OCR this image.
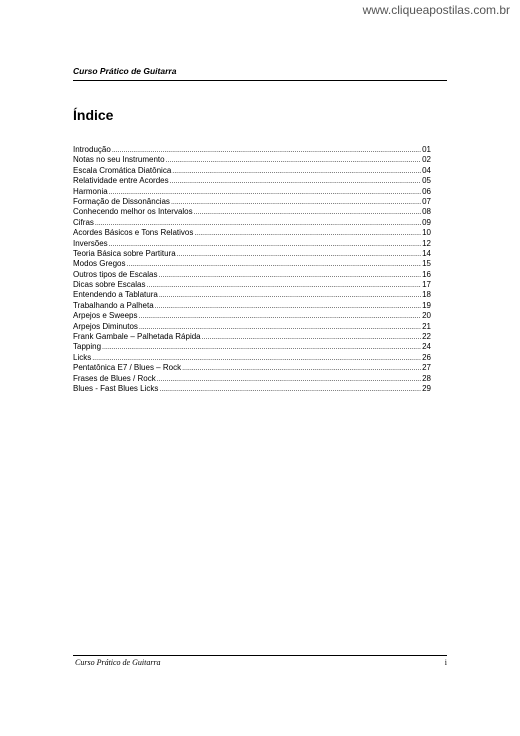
www.cliqueapostilas.com.br
Curso Prático de Guitarra
Índice
Introdução .....	01
Notas no seu Instrumento .....	02
Escala Cromática Diatônica .....	04
Relatividade entre Acordes .....	05
Harmonia .....	06
Formação de Dissonâncias .....	07
Conhecendo melhor os Intervalos .....	08
Cifras .....	09
Acordes Básicos e Tons Relativos .....	10
Inversões .....	12
Teoria Básica sobre Partitura .....	14
Modos Gregos .....	15
Outros tipos de Escalas .....	16
Dicas sobre Escalas .....	17
Entendendo a Tablatura .....	18
Trabalhando a Palheta .....	19
Arpejos e Sweeps .....	20
Arpejos Diminutos .....	21
Frank Gambale – Palhetada Rápida .....	22
Tapping .....	24
Licks .....	26
Pentatônica E7 / Blues – Rock .....	27
Frases de Blues / Rock .....	28
Blues - Fast Blues Licks .....	29
Curso Prático de Guitarra	i
